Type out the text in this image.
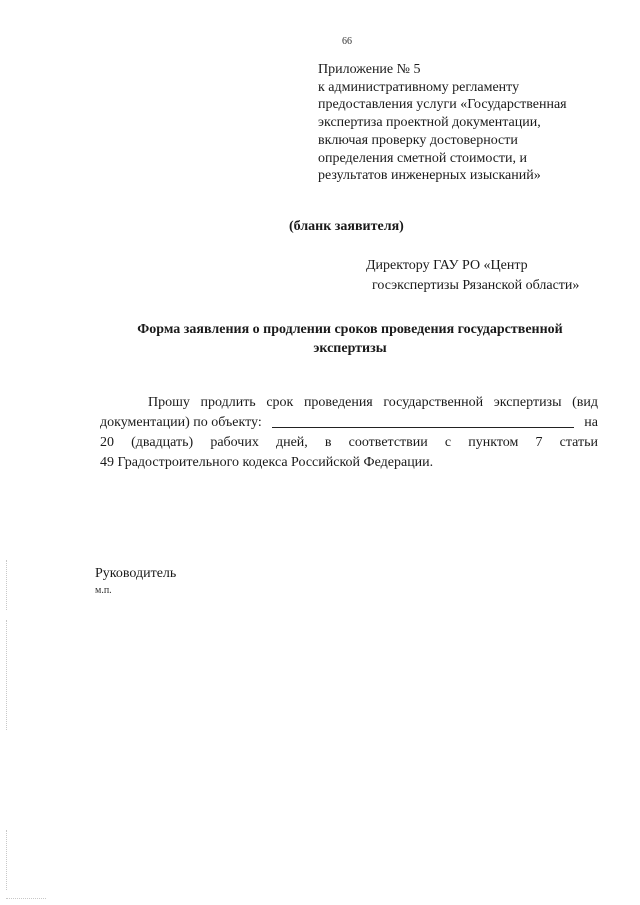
66
Приложение № 5
к административному регламенту
предоставления услуги «Государственная
экспертиза проектной документации,
включая проверку достоверности
определения сметной стоимости, и
результатов инженерных изысканий»
(бланк заявителя)
Директору ГАУ РО «Центр
госэкспертизы Рязанской области»
Форма заявления о продлении сроков проведения государственной
экспертизы
Прошу продлить срок проведения государственной экспертизы (вид
документации) по объекту:	на
20 (двадцать) рабочих дней, в соответствии с пунктом 7 статьи
49 Градостроительного кодекса Российской Федерации.
Руководитель
м.п.
